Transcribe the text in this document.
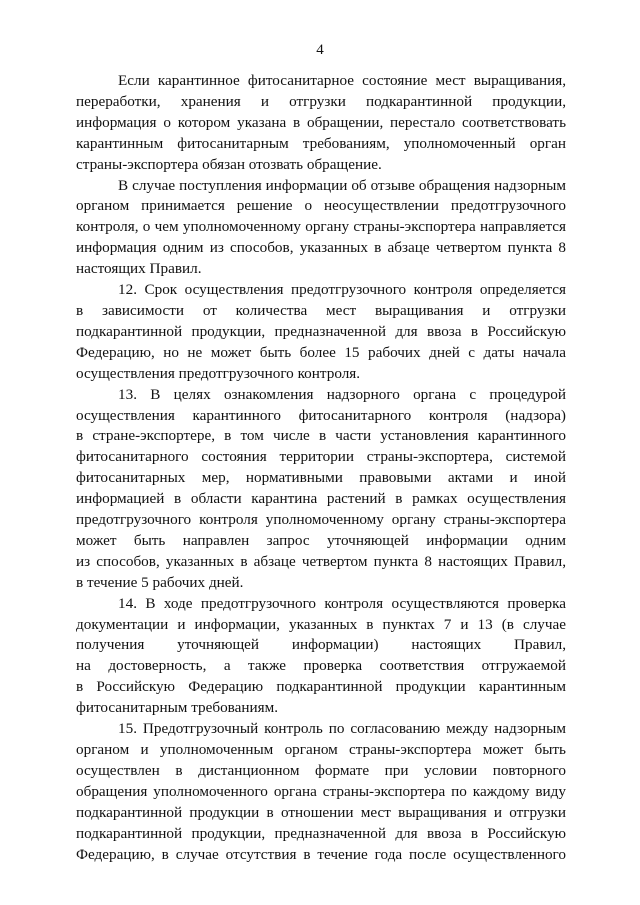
4
Если карантинное фитосанитарное состояние мест выращивания,
переработки, хранения и отгрузки подкарантинной продукции,
информация о котором указана в обращении, перестало соответствовать
карантинным фитосанитарным требованиям, уполномоченный орган
страны-экспортера обязан отозвать обращение.
В случае поступления информации об отзыве обращения надзорным
органом принимается решение о неосуществлении предотгрузочного
контроля, о чем уполномоченному органу страны-экспортера направляется
информация одним из способов, указанных в абзаце четвертом пункта 8
настоящих Правил.
12. Срок осуществления предотгрузочного контроля определяется
в зависимости от количества мест выращивания и отгрузки
подкарантинной продукции, предназначенной для ввоза в Российскую
Федерацию, но не может быть более 15 рабочих дней с даты начала
осуществления предотгрузочного контроля.
13. В целях ознакомления надзорного органа с процедурой
осуществления карантинного фитосанитарного контроля (надзора)
в стране-экспортере, в том числе в части установления карантинного
фитосанитарного состояния территории страны-экспортера, системой
фитосанитарных мер, нормативными правовыми актами и иной
информацией в области карантина растений в рамках осуществления
предотгрузочного контроля уполномоченному органу страны-экспортера
может быть направлен запрос уточняющей информации одним
из способов, указанных в абзаце четвертом пункта 8 настоящих Правил,
в течение 5 рабочих дней.
14. В ходе предотгрузочного контроля осуществляются проверка
документации и информации, указанных в пунктах 7 и 13 (в случае
получения уточняющей информации) настоящих Правил,
на достоверность, а также проверка соответствия отгружаемой
в Российскую Федерацию подкарантинной продукции карантинным
фитосанитарным требованиям.
15. Предотгрузочный контроль по согласованию между надзорным
органом и уполномоченным органом страны-экспортера может быть
осуществлен в дистанционном формате при условии повторного
обращения уполномоченного органа страны-экспортера по каждому виду
подкарантинной продукции в отношении мест выращивания и отгрузки
подкарантинной продукции, предназначенной для ввоза в Российскую
Федерацию, в случае отсутствия в течение года после осуществленного
